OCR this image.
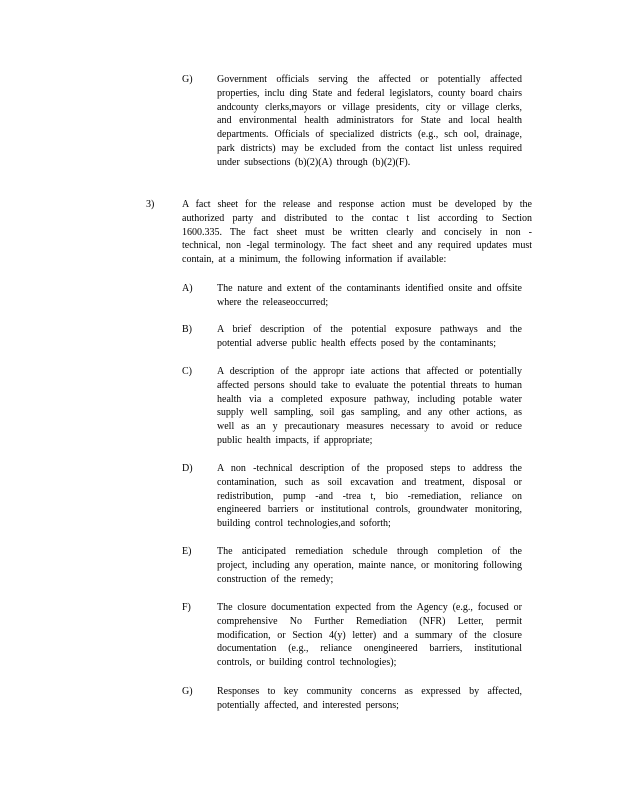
G) Government officials serving the affected or potentially affected properties, inclu ding State and federal legislators, county board chairs andcounty clerks,mayors or village presidents, city or village clerks, and environmental health administrators for State and local health departments. Officials of specialized districts (e.g., sch ool, drainage, park districts) may be excluded from the contact list unless required under subsections (b)(2)(A) through (b)(2)(F).
3)	A fact sheet for the release and response action must be developed by the authorized party and distributed to the contac t list according to Section 1600.335. The fact sheet must be written clearly and concisely in non - technical, non -legal terminology. The fact sheet and any required updates must contain, at a minimum, the following information if available:
A) The nature and extent of the contaminants identified onsite and offsite where the releaseoccurred;
B)	A brief description of the potential exposure pathways and the potential adverse public health effects posed by the contaminants;
C)	A description of the appropr iate actions that affected or potentially affected persons should take to evaluate the potential threats to human health via a completed exposure pathway, including potable water supply well sampling, soil gas sampling, and any other actions, as well as an y precautionary measures necessary to avoid or reduce public health impacts, if appropriate;
D) A non -technical description of the proposed steps to address the contamination, such as soil excavation and treatment, disposal or redistribution, pump -and -trea t, bio -remediation, reliance on engineered barriers or institutional controls, groundwater monitoring, building control technologies,and soforth;
E)	The anticipated remediation schedule through completion of the project, including any operation, mainte nance, or monitoring following construction of the remedy;
F)	The closure documentation expected from the Agency (e.g., focused or comprehensive No Further Remediation (NFR) Letter, permit modification, or Section 4(y) letter) and a summary of the closure documentation (e.g., reliance onengineered barriers, institutional controls, or building control technologies);
G) Responses to key community concerns as expressed by affected, potentially affected, and interested persons;
